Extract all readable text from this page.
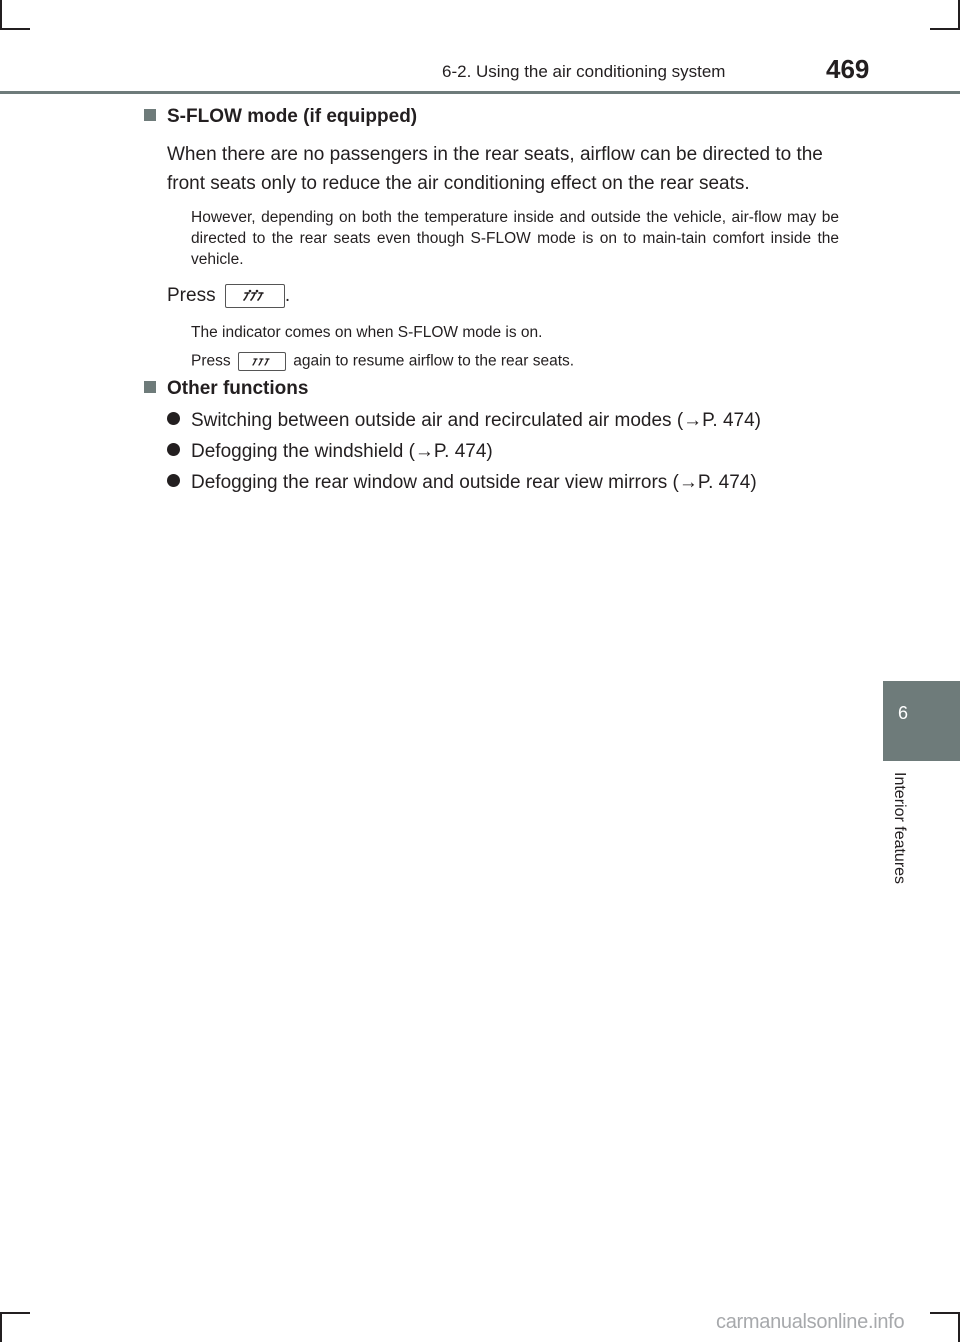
6-2. Using the air conditioning system	469
6
Interior features
S-FLOW mode (if equipped)
When there are no passengers in the rear seats, airflow can be directed to the front seats only to reduce the air conditioning effect on the rear seats.
However, depending on both the temperature inside and outside the vehicle, air-flow may be directed to the rear seats even though S-FLOW mode is on to main-tain comfort inside the vehicle.
Press	.
The indicator comes on when S-FLOW mode is on.
Press	again to resume airflow to the rear seats.
Other functions
Switching between outside air and recirculated air modes (→P. 474)
Defogging the windshield (→P. 474)
Defogging the rear window and outside rear view mirrors (→P. 474)
carmanualsonline.info
